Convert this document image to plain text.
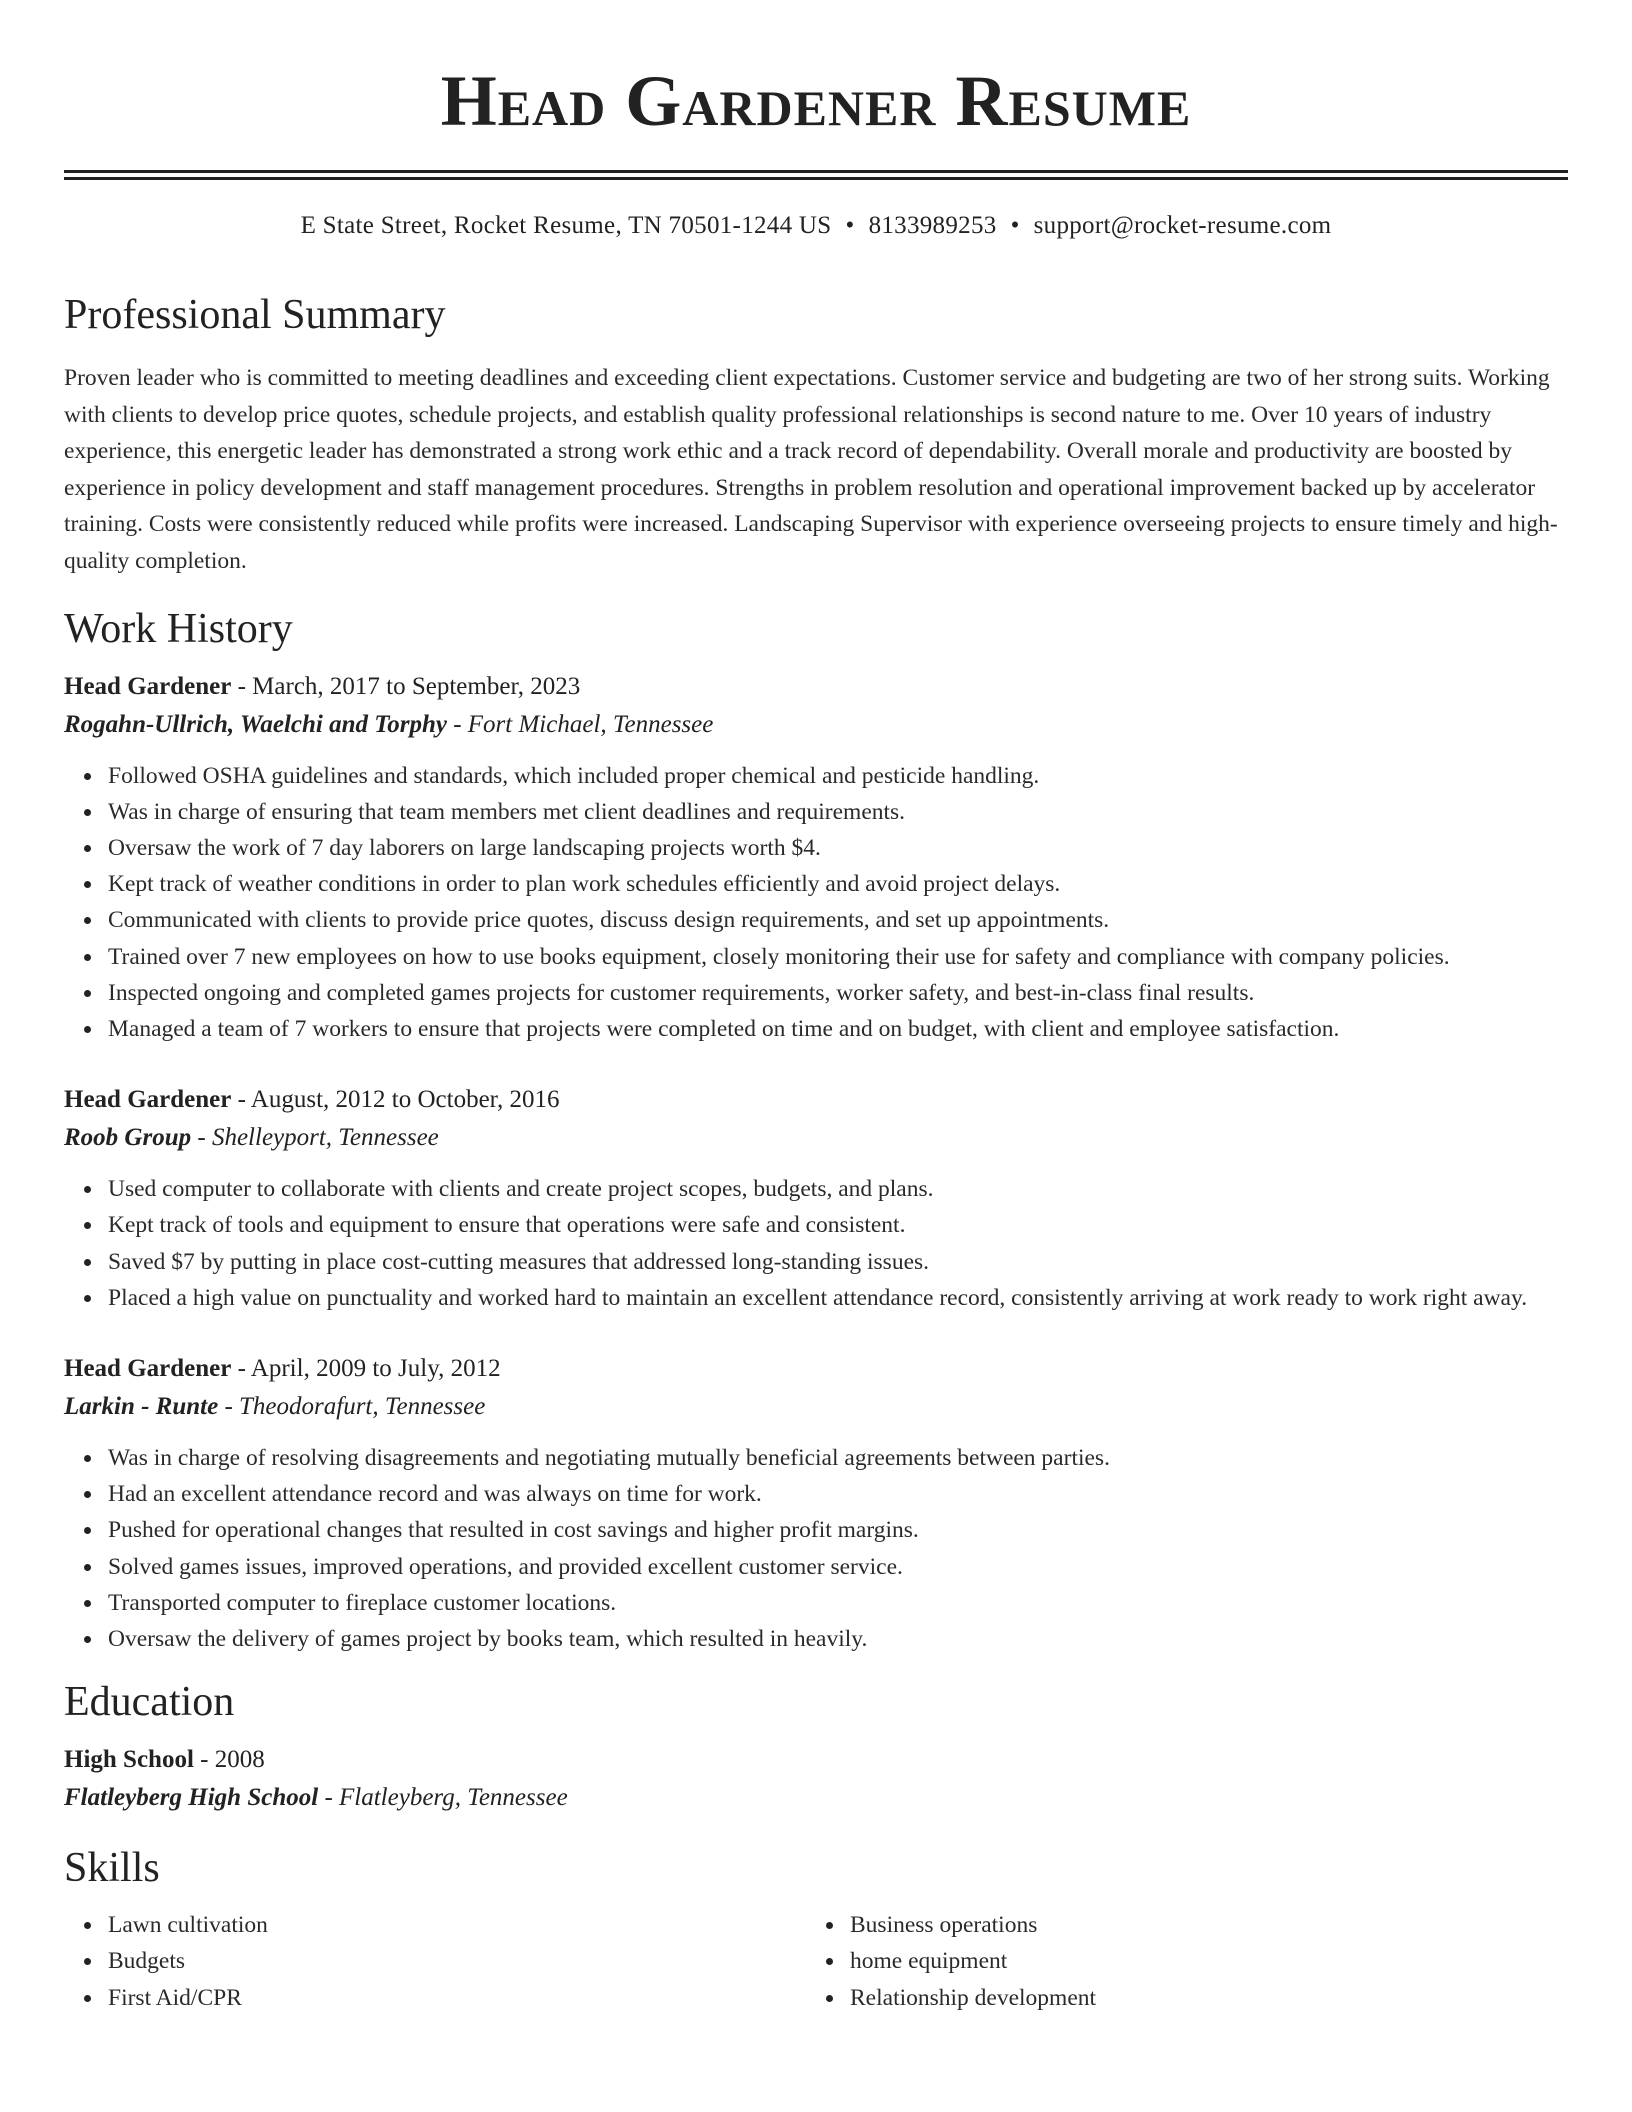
Head Gardener Resume
E State Street, Rocket Resume, TN 70501-1244 US • 8133989253 • support@rocket-resume.com
Professional Summary

Proven leader who is committed to meeting deadlines and exceeding client expectations. Customer service and budgeting are two of her strong suits. Working with clients to develop price quotes, schedule projects, and establish quality professional relationships is second nature to me. Over 10 years of industry experience, this energetic leader has demonstrated a strong work ethic and a track record of dependability. Overall morale and productivity are boosted by experience in policy development and staff management procedures. Strengths in problem resolution and operational improvement backed up by accelerator training. Costs were consistently reduced while profits were increased. Landscaping Supervisor with experience overseeing projects to ensure timely and high-quality completion.

Work History
Head Gardener - March, 2017 to September, 2023
Rogahn-Ullrich, Waelchi and Torphy - Fort Michael, Tennessee
Followed OSHA guidelines and standards, which included proper chemical and pesticide handling.
Was in charge of ensuring that team members met client deadlines and requirements.
Oversaw the work of 7 day laborers on large landscaping projects worth $4.
Kept track of weather conditions in order to plan work schedules efficiently and avoid project delays.
Communicated with clients to provide price quotes, discuss design requirements, and set up appointments.
Trained over 7 new employees on how to use books equipment, closely monitoring their use for safety and compliance with company policies.
Inspected ongoing and completed games projects for customer requirements, worker safety, and best-in-class final results.
Managed a team of 7 workers to ensure that projects were completed on time and on budget, with client and employee satisfaction.
Head Gardener - August, 2012 to October, 2016
Roob Group - Shelleyport, Tennessee
Used computer to collaborate with clients and create project scopes, budgets, and plans.
Kept track of tools and equipment to ensure that operations were safe and consistent.
Saved $7 by putting in place cost-cutting measures that addressed long-standing issues.
Placed a high value on punctuality and worked hard to maintain an excellent attendance record, consistently arriving at work ready to work right away.
Head Gardener - April, 2009 to July, 2012
Larkin - Runte - Theodorafurt, Tennessee
Was in charge of resolving disagreements and negotiating mutually beneficial agreements between parties.
Had an excellent attendance record and was always on time for work.
Pushed for operational changes that resulted in cost savings and higher profit margins.
Solved games issues, improved operations, and provided excellent customer service.
Transported computer to fireplace customer locations.
Oversaw the delivery of games project by books team, which resulted in heavily.
Education
High School - 2008
Flatleyberg High School - Flatleyberg, Tennessee
Skills
Lawn cultivation
Budgets
First Aid/CPR
Business operations
home equipment
Relationship development
